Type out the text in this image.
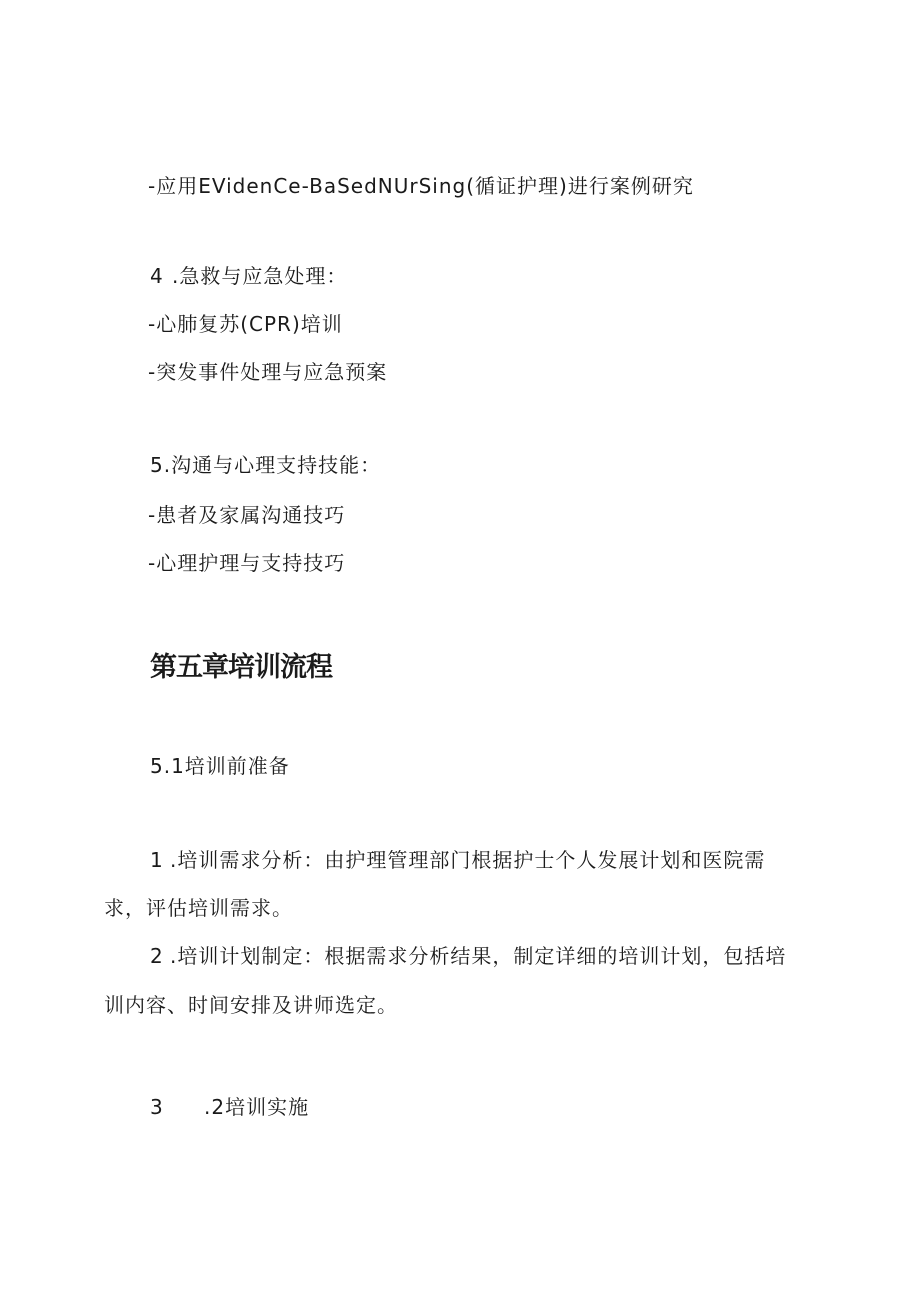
-应用EVidenCe-BaSedNUrSing(循证护理)进行案例研究
4 .急救与应急处理：
-心肺复苏(CPR)培训
-突发事件处理与应急预案
5.沟通与心理支持技能：
-患者及家属沟通技巧
-心理护理与支持技巧
第五章培训流程
5.1培训前准备
1 .培训需求分析：由护理管理部门根据护士个人发展计划和医院需
求，评估培训需求。
2 .培训计划制定：根据需求分析结果，制定详细的培训计划，包括培
训内容、时间安排及讲师选定。
3 .2培训实施
